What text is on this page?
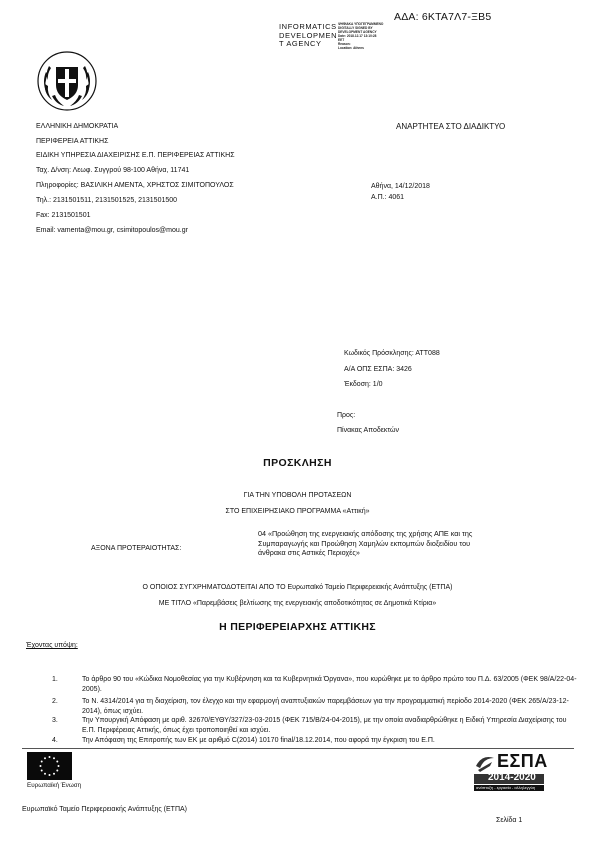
ΑΔΑ: 6ΚΤΑ7Λ7-ΞΒ5
INFORMATICS
DEVELOPMEN
T AGENCY
ΨΗΦΙΑΚΑ ΥΠΟΓΕΓΡΑΜΜΕΝΟ
DIGITALLY SIGNED BY
DEVELOPMENT AGENCY
Date: 2018.12.17 13:10:28
EET
Reason:
Location: Athens
ΕΛΛΗΝΙΚΗ ΔΗΜΟΚΡΑΤΙΑ
ΠΕΡΙΦΕΡΕΙΑ ΑΤΤΙΚΗΣ
ΕΙΔΙΚΗ ΥΠΗΡΕΣΙΑ ΔΙΑΧΕΙΡΙΣΗΣ Ε.Π. ΠΕΡΙΦΕΡΕΙΑΣ ΑΤΤΙΚΗΣ
Ταχ. Δ/νση: Λεωφ. Συγγρού 98-100 Αθήνα, 11741
Πληροφορίες: ΒΑΣΙΛΙΚΗ ΑΜΕΝΤΑ, ΧΡΗΣΤΟΣ ΣΙΜΙΤΟΠΟΥΛΟΣ
Τηλ.: 2131501511, 2131501525, 2131501500
Fax: 2131501501
Email: vamenta@mou.gr, csimitopoulos@mou.gr
ΑΝΑΡΤΗΤΕΑ ΣΤΟ ΔΙΑΔΙΚΤΥΟ
Αθήνα, 14/12/2018
Α.Π.: 4061
Κωδικός Πρόσκλησης: ΑΤΤ088
Α/Α ΟΠΣ ΕΣΠΑ: 3426
Έκδοση: 1/0
Προς:
Πίνακας Αποδεκτών
ΠΡΟΣΚΛΗΣΗ
ΓΙΑ ΤΗΝ ΥΠΟΒΟΛΗ ΠΡΟΤΑΣΕΩΝ
ΣΤΟ ΕΠΙΧΕΙΡΗΣΙΑΚΟ ΠΡΟΓΡΑΜΜΑ «Αττική»
ΑΞΟΝΑ ΠΡΟΤΕΡΑΙΟΤΗΤΑΣ:
04 «Προώθηση της ενεργειακής απόδοσης της χρήσης ΑΠΕ και της Συμπαραγωγής και Προώθηση Χαμηλών εκπομπών διοξειδίου του άνθρακα στις Αστικές Περιοχές»
Ο ΟΠΟΙΟΣ ΣΥΓΧΡΗΜΑΤΟΔΟΤΕΙΤΑΙ ΑΠΟ ΤΟ Ευρωπαϊκό Ταμείο Περιφερειακής Ανάπτυξης (ΕΤΠΑ)
ΜΕ ΤΙΤΛΟ «Παρεμβάσεις βελτίωσης της ενεργειακής αποδοτικότητας σε Δημοτικά Κτίρια»
Η ΠΕΡΙΦΕΡΕΙΑΡΧΗΣ ΑΤΤΙΚΗΣ
Έχοντας υπόψη:
1.	Το άρθρο 90 του «Κώδικα Νομοθεσίας για την Κυβέρνηση και τα Κυβερνητικά Όργανα», που κυρώθηκε με το άρθρο πρώτο του Π.Δ. 63/2005 (ΦΕΚ 98/Α/22-04-2005).
2.	Το Ν. 4314/2014 για τη διαχείριση, τον έλεγχο και την εφαρμογή αναπτυξιακών παρεμβάσεων για την προγραμματική περίοδο 2014-2020 (ΦΕΚ 265/Α/23-12-2014), όπως ισχύει.
3.	Την Υπουργική Απόφαση με αριθ. 32670/ΕΥΘΥ/327/23-03-2015 (ΦΕΚ 715/Β/24-04-2015), με την οποία αναδιαρθρώθηκε η Ειδική Υπηρεσία Διαχείρισης του Ε.Π. Περιφέρειας Αττικής, όπως έχει τροποποιηθεί και ισχύει.
4.	Την Απόφαση της Επιτροπής των ΕΚ με αριθμό C(2014) 10170 final/18.12.2014, που αφορά την έγκριση του Ε.Π.
Ευρωπαϊκή Ένωση
ΕΣΠΑ
2014-2020
ανάπτυξη - εργασία - αλληλεγγύη
Ευρωπαϊκό Ταμείο Περιφερειακής Ανάπτυξης (ΕΤΠΑ)
Σελίδα 1
